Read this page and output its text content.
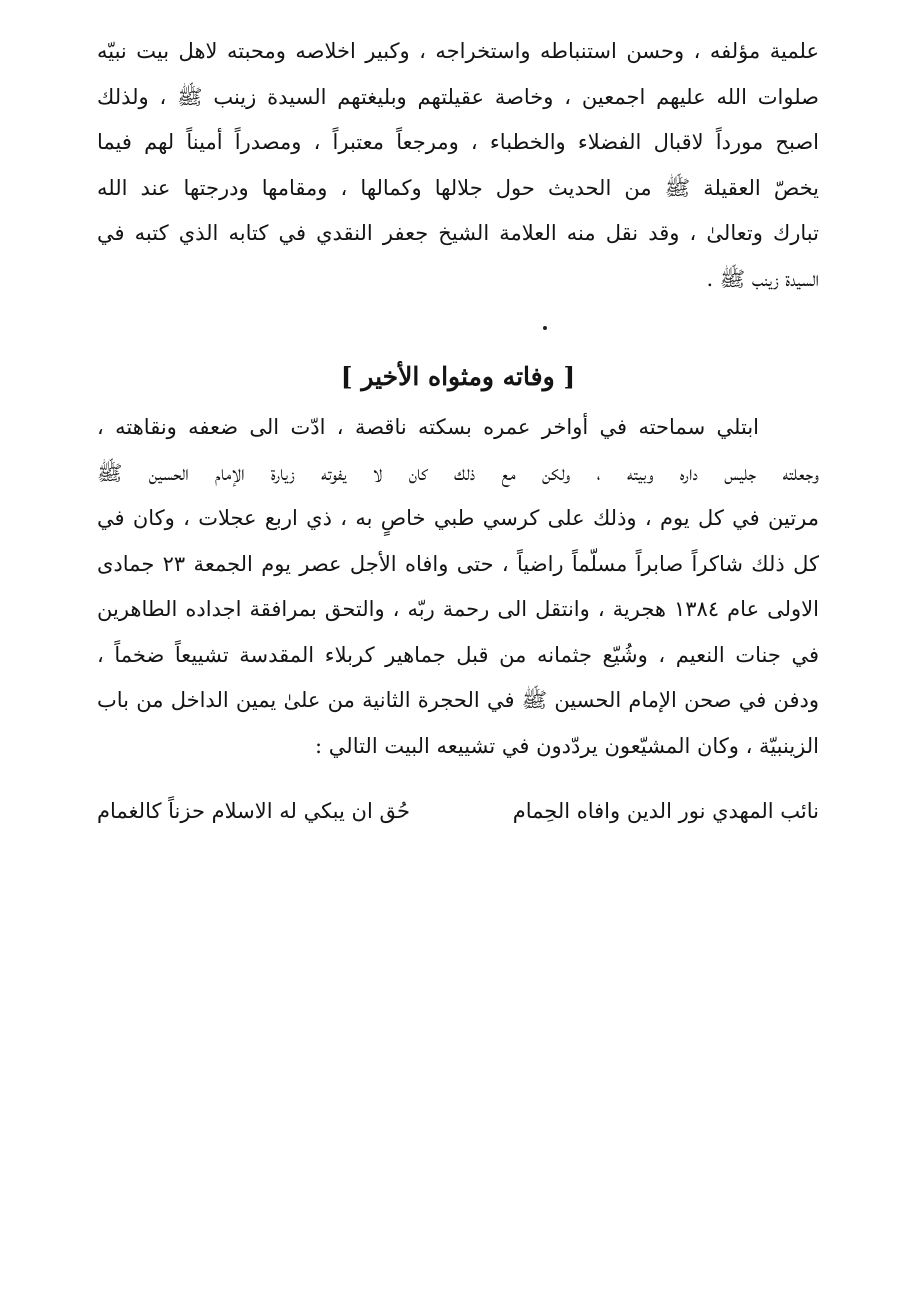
علمية مؤلفه ، وحسن استنباطه واستخراجه ، وكبير اخلاصه ومحبته لاهل بيت نبيّه
صلوات الله عليهم اجمعين ، وخاصة عقيلتهم وبليغتهم السيدة زينب ﷺ ، ولذلك
اصبح مورداً لاقبال الفضلاء والخطباء ، ومرجعاً معتبراً ، ومصدراً أميناً لهم فيما
يخصّ العقيلة ﷺ من الحديث حول جلالها وكمالها ، ومقامها ودرجتها عند الله
تبارك وتعالىٰ ، وقد نقل منه العلامة الشيخ جعفر النقدي في كتابه الذي كتبه في
السيدة زينب ﷺ .
[ وفاته ومثواه الأخير ]
ابتلي سماحته في أواخر عمره بسكته ناقصة ، ادّت الى ضعفه ونقاهته ،
وجعلته جليس داره وبيته ، ولكن مع ذلك كان لا يفوته زيارة الإمام الحسين ﷺ
مرتين في كل يوم ، وذلك على كرسي طبي خاصٍ به ، ذي اربع عجلات ، وكان في
كل ذلك شاكراً صابراً مسلّماً راضياً ، حتى وافاه الأجل عصر يوم الجمعة ٢٣ جمادى
الاولى عام ١٣٨٤ هجرية ، وانتقل الى رحمة ربّه ، والتحق بمرافقة اجداده الطاهرين
في جنات النعيم ، وشُيّع جثمانه من قبل جماهير كربلاء المقدسة تشييعاً ضخماً ،
ودفن في صحن الإمام الحسين ﷺ في الحجرة الثانية من علىٰ يمين الداخل من باب
الزينبيّة ، وكان المشيّعون يردّدون في تشييعه البيت التالي :
نائب المهدي نور الدين وافاه الحِمام
حُق ان يبكي له الاسلام حزناً كالغمام
